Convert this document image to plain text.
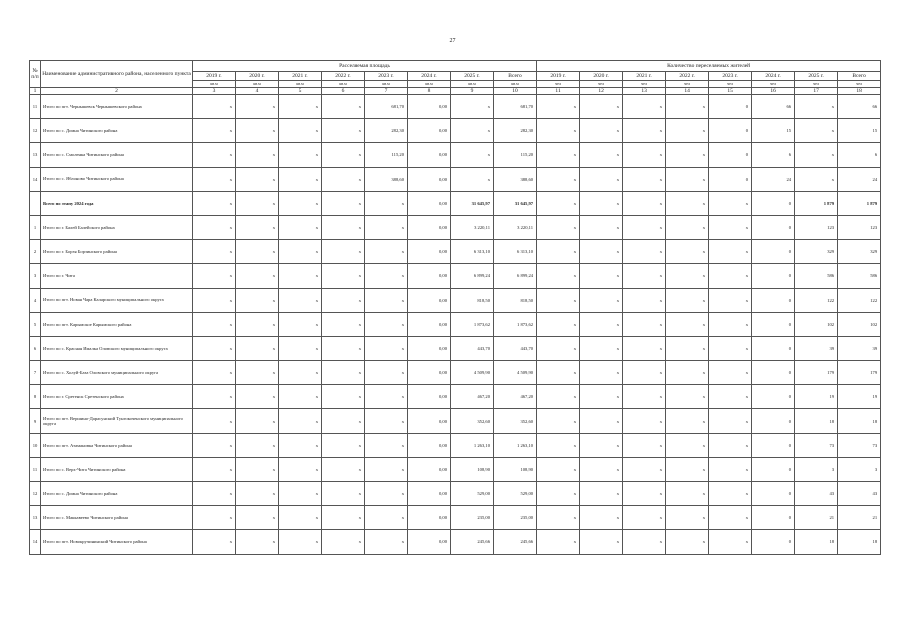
27
№ п/п	Наименование административного района, населенного пункта	Расселяемая площадь								Количество переселяемых жителей							
		2019 г.	2020 г.	2021 г.	2022 г.	2023 г.	2024 г.	2025 г.	Всего	2019 г.	2020 г.	2021 г.	2022 г.	2023 г.	2024 г.	2025 г.	Всего
		кв.м	кв.м	кв.м	кв.м	кв.м	кв.м	кв.м	кв.м	чел	чел	чел	чел	чел	чел	чел	чел
1	2	3	4	5	6	7	8	9	10	11	12	13	14	15	16	17	18
11	Итого по пгт. Чернышевск Чернышевского района	x	x	x	x	681,70	0,00	x	681,70	x	x	x	x	0	66	x	66
12	Итого по с. Домна Читинского района	x	x	x	x	282,30	0,00	x	282,30	x	x	x	x	0	15	x	15
13	Итого по с. Смоленка Читинского района	x	x	x	x	115,20	0,00	x	115,20	x	x	x	x	0	6	x	6
14	Итого по с. Яблоново Читинского района	x	x	x	x	388,60	0,00	x	388,60	x	x	x	x	0	24	x	24
	Всего по этапу 2024 года	x	x	x	x	x	0,00	31 645,97	31 645,97	x	x	x	x	x	0	1 879	1 879
1	Итого по г. Балей Балейского района	x	x	x	x	x	0,00	3 220,11	3 220,11	x	x	x	x	x	0	123	123
2	Итого по г. Борзя Борзинского района	x	x	x	x	x	0,00	6 313,10	6 313,10	x	x	x	x	x	0	329	329
3	Итого по г. Чита	x	x	x	x	x	0,00	6 899,24	6 899,24	x	x	x	x	x	0	586	586
4	Итого по пгт. Новая Чара Каларского муниципального округа	x	x	x	x	x	0,00	818,50	818,50	x	x	x	x	x	0	122	122
5	Итого по пгт. Карымское Карымского района	x	x	x	x	x	0,00	1 873,62	1 873,62	x	x	x	x	x	0	102	102
6	Итого по с. Красная Ималка Оловского муниципального округа	x	x	x	x	x	0,00	443,70	443,70	x	x	x	x	x	0	39	39
7	Итого по с. Холуй-База Оловского муниципального округа	x	x	x	x	x	0,00	4 509,90	4 509,90	x	x	x	x	x	0	179	179
8	Итого по г. Сретенск Сретенского района	x	x	x	x	x	0,00	467,20	467,20	x	x	x	x	x	0	19	19
9	Итого по пгт. Вершино-Дарасунский Тунгокоченского муниципального округа	x	x	x	x	x	0,00	352,60	352,60	x	x	x	x	x	0	18	18
10	Итого по пгт. Атамановка Читинского района	x	x	x	x	x	0,00	1 263,10	1 263,10	x	x	x	x	x	0	73	73
11	Итого по с. Верх-Чита Читинского района	x	x	x	x	x	0,00	108,90	108,90	x	x	x	x	x	0	3	3
12	Итого по с. Домна Читинского района	x	x	x	x	x	0,00	529,00	529,00	x	x	x	x	x	0	43	43
13	Итого по с. Маккавеево Читинского района	x	x	x	x	x	0,00	235,00	235,00	x	x	x	x	x	0	21	21
14	Итого по пгт. Новокручининский Читинского района	x	x	x	x	x	0,00	245,66	245,66	x	x	x	x	x	0	18	18
